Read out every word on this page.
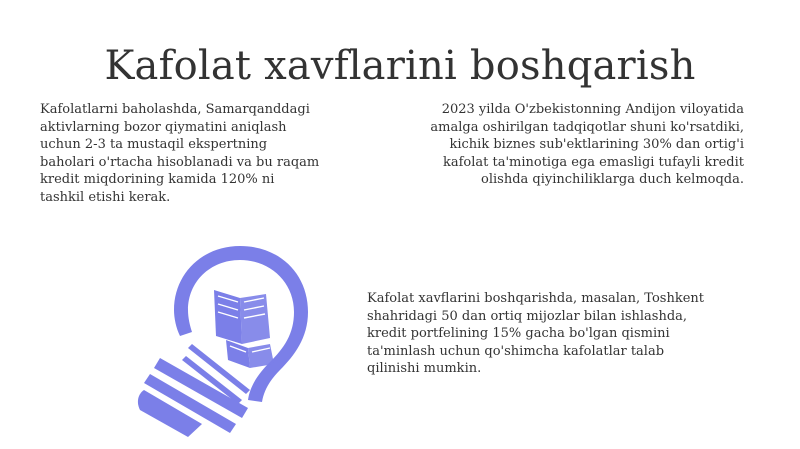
Kafolat xavflarini boshqarish
Kafolatlarni baholashda, Samarqanddagi
aktivlarning bozor qiymatini aniqlash
uchun 2-3 ta mustaqil ekspertning
baholari o'rtacha hisoblanadi va bu raqam
kredit miqdorining kamida 120% ni
tashkil etishi kerak.
2023 yilda O'zbekistonning Andijon viloyatida
amalga oshirilgan tadqiqotlar shuni ko'rsatdiki,
kichik biznes sub'ektlarining 30% dan ortig'i
kafolat ta'minotiga ega emasligi tufayli kredit
olishda qiyinchiliklarga duch kelmoqda.
Kafolat xavflarini boshqarishda, masalan, Toshkent
shahridagi 50 dan ortiq mijozlar bilan ishlashda,
kredit portfelining 15% gacha bo'lgan qismini
ta'minlash uchun qo'shimcha kafolatlar talab
qilinishi mumkin.
